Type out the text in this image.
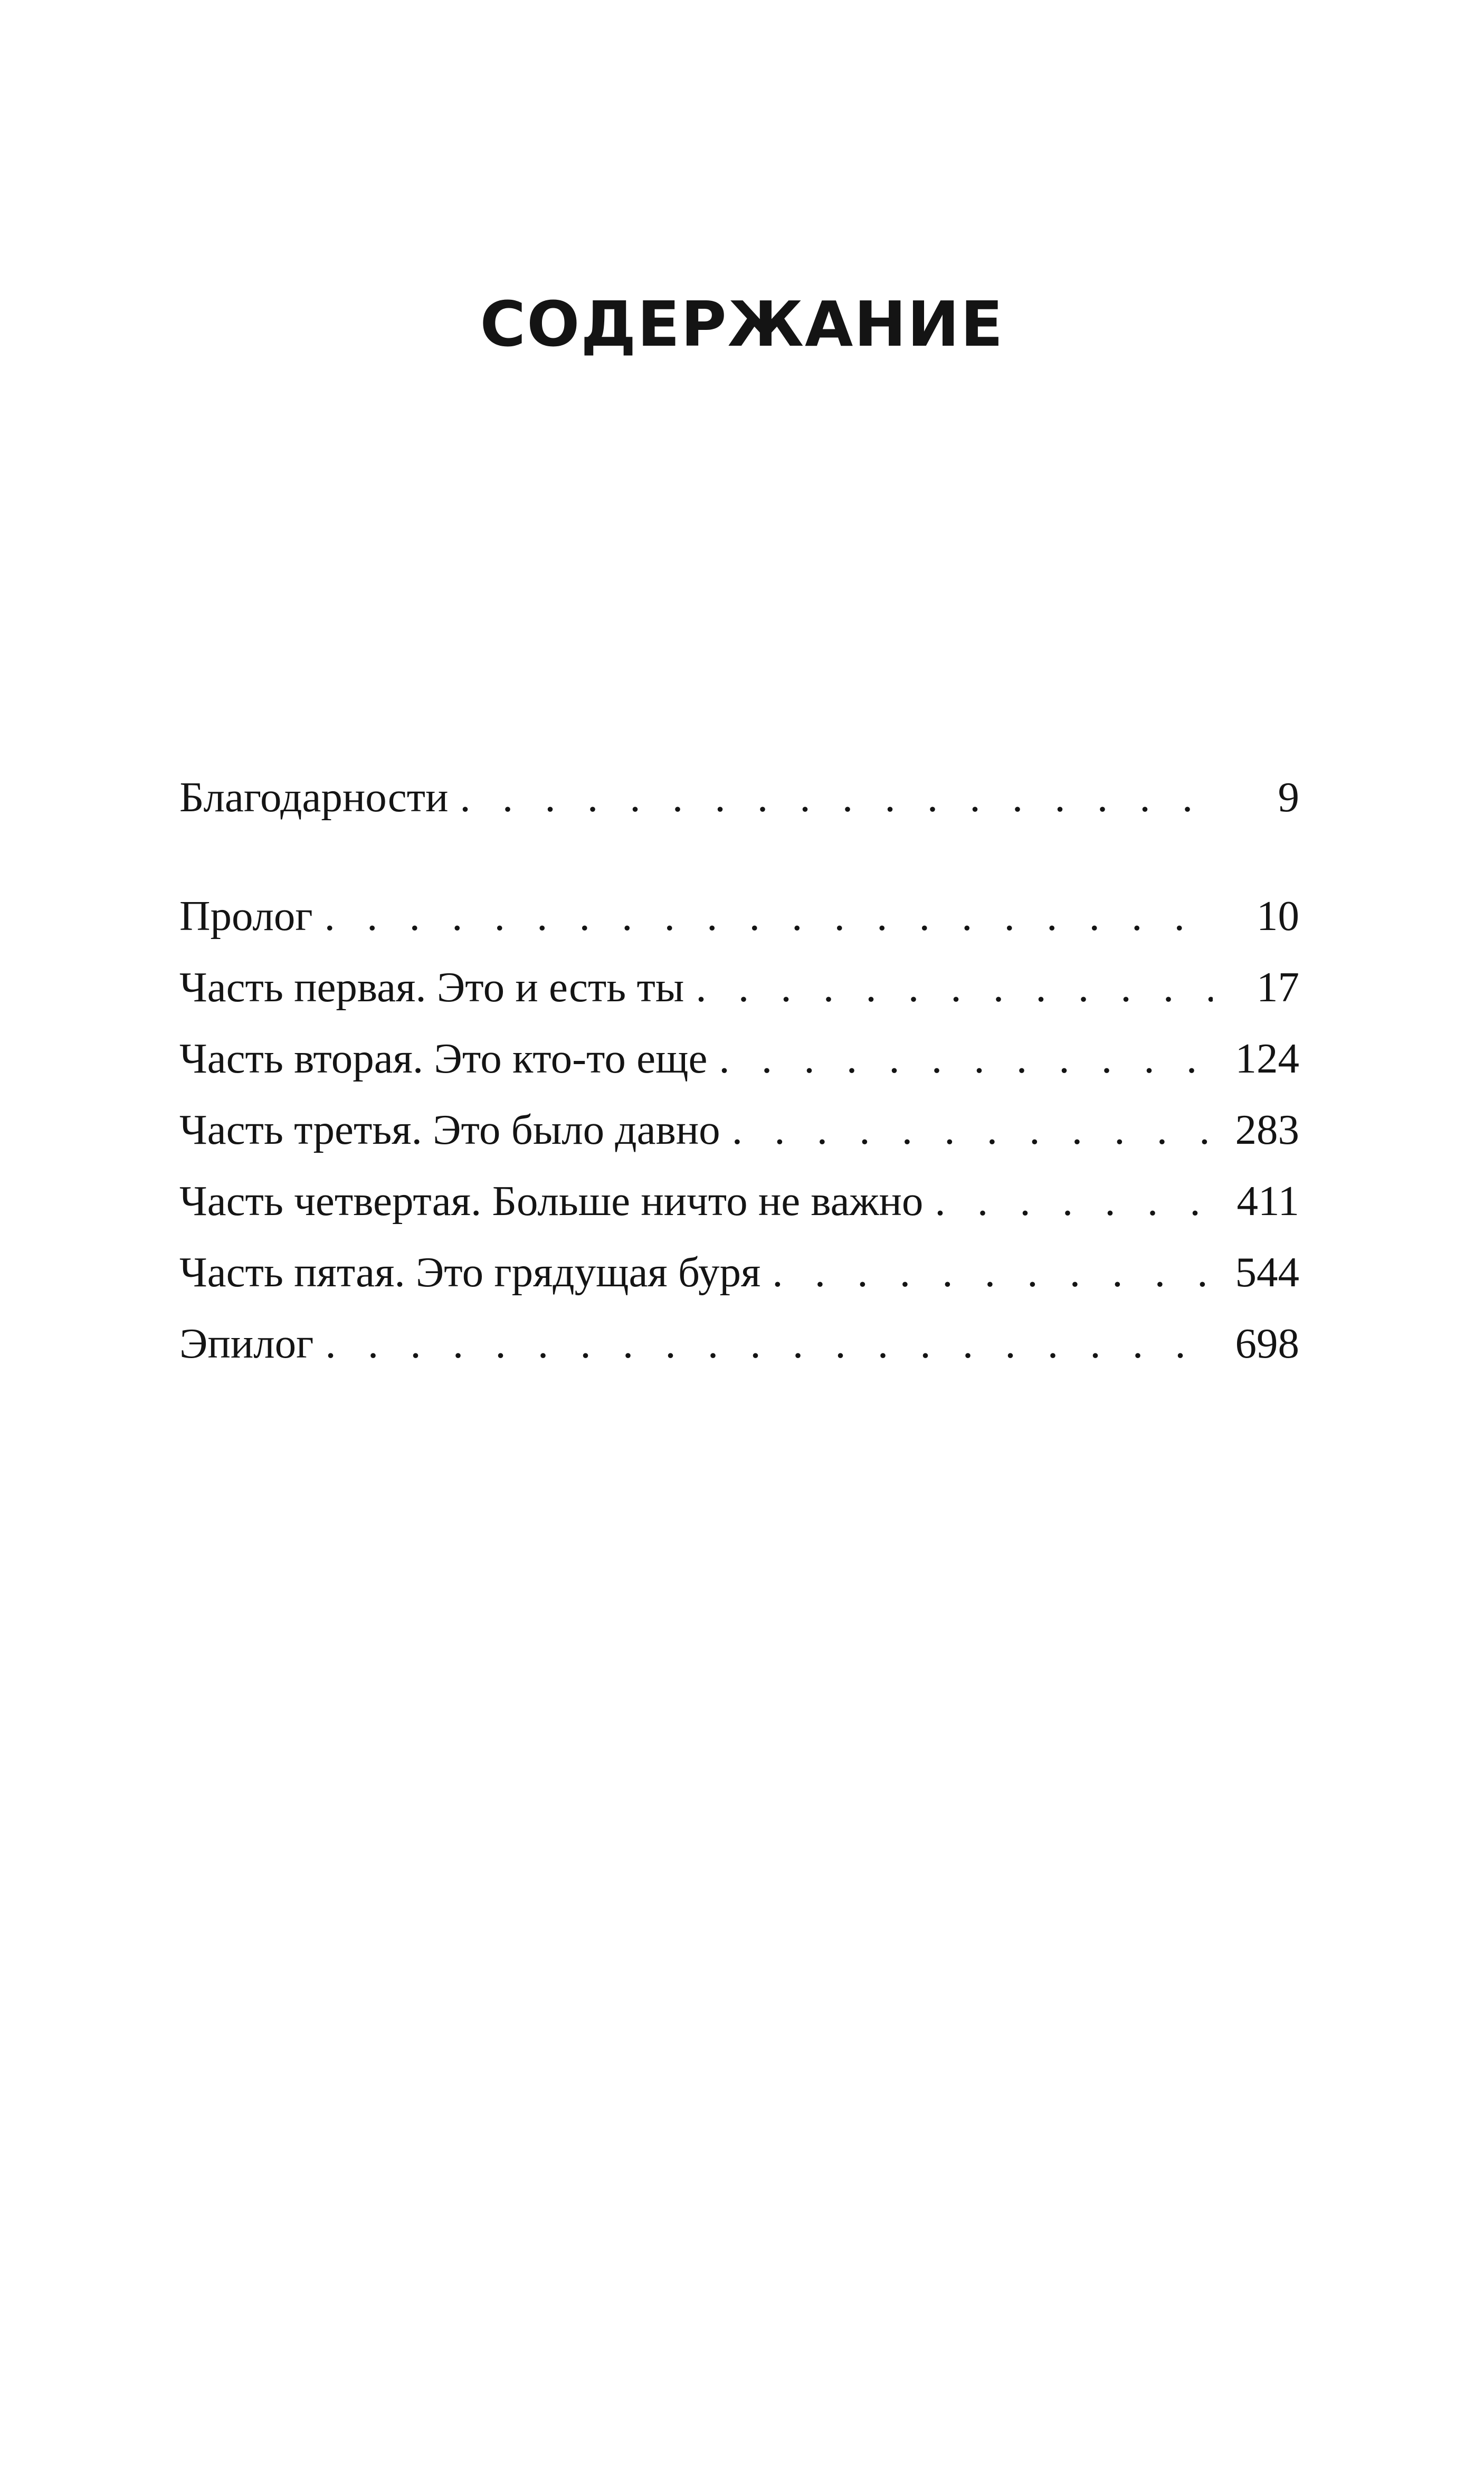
СОДЕРЖАНИЕ
Благодарности . . .	9
Пролог . . .	10
Часть первая. Это и есть ты . . .	17
Часть вторая. Это кто-то еще . . .	124
Часть третья. Это было давно . . .	283
Часть четвертая. Больше ничто не важно . . .	411
Часть пятая. Это грядущая буря . . .	544
Эпилог . . .	698
